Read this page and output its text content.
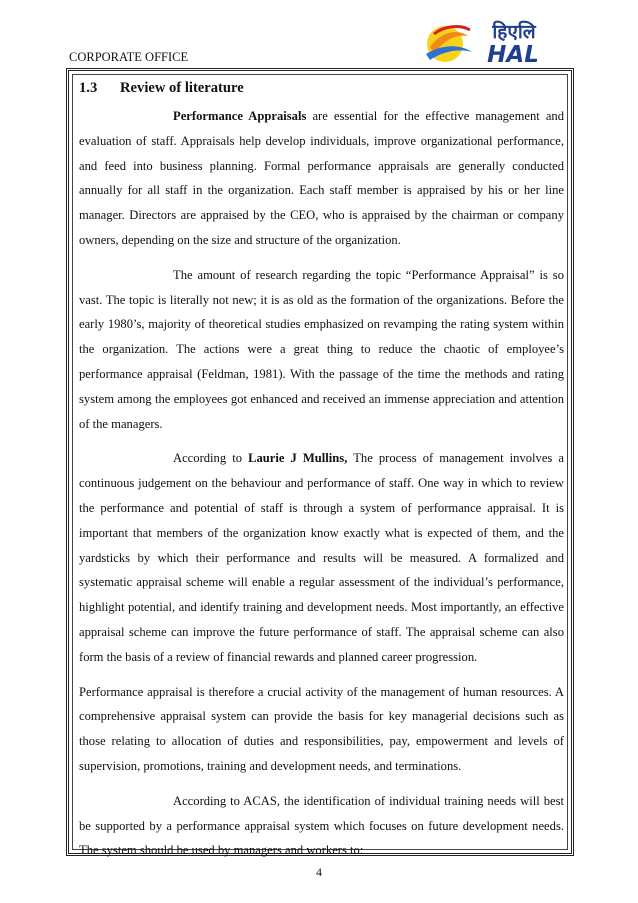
CORPORATE OFFICE
हिएलि
HAL
1.3	Review of literature

Performance Appraisals are essential for the effective management and evaluation of staff. Appraisals help develop individuals, improve organizational performance, and feed into business planning. Formal performance appraisals are generally conducted annually for all staff in the organization. Each staff member is appraised by his or her line manager. Directors are appraised by the CEO, who is appraised by the chairman or company owners, depending on the size and structure of the organization.

The amount of research regarding the topic “Performance Appraisal” is so vast. The topic is literally not new; it is as old as the formation of the organizations. Before the early 1980’s, majority of theoretical studies emphasized on revamping the rating system within the organization. The actions were a great thing to reduce the chaotic of employee’s performance appraisal (Feldman, 1981). With the passage of the time the methods and rating system among the employees got enhanced and received an immense appreciation and attention of the managers.

According to Laurie J Mullins, The process of management involves a continuous judgement on the behaviour and performance of staff. One way in which to review the performance and potential of staff is through a system of performance appraisal. It is important that members of the organization know exactly what is expected of them, and the yardsticks by which their performance and results will be measured. A formalized and systematic appraisal scheme will enable a regular assessment of the individual’s performance, highlight potential, and identify training and development needs. Most importantly, an effective appraisal scheme can improve the future performance of staff. The appraisal scheme can also form the basis of a review of financial rewards and planned career progression.

Performance appraisal is therefore a crucial activity of the management of human resources. A comprehensive appraisal system can provide the basis for key managerial decisions such as those relating to allocation of duties and responsibilities, pay, empowerment and levels of supervision, promotions, training and development needs, and terminations.

According to ACAS, the identification of individual training needs will best be supported by a performance appraisal system which focuses on future development needs. The system should be used by managers and workers to:

4
